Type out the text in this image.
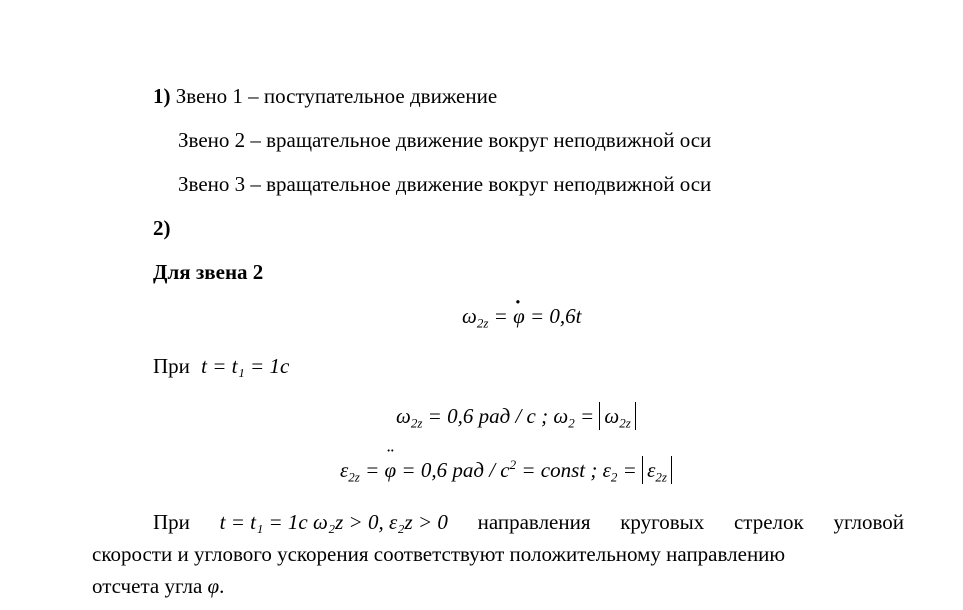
1) Звено 1 – поступательное движение
Звено 2 – вращательное движение вокруг неподвижной оси
Звено 3 – вращательное движение вокруг неподвижной оси
2)
Для звена 2
$\omega_{2z} = \varphi$ · = 0,6t
При t = t₁ = 1c
$\omega_{2z} = 0,6$ рад / с ; $\omega_2 = \omega_{2z}$
$\varepsilon_{2z} = \varphi$ ¨ = 0,6 рад / $с^2$ = const ; $\varepsilon_2 = \varepsilon_{2z}$
При t = t₁ = 1c ω₂z > 0, ε₂z > 0 направления круговых стрелок угловой
скорости и углового ускорения соответствуют положительному направлению
отсчета угла φ.
